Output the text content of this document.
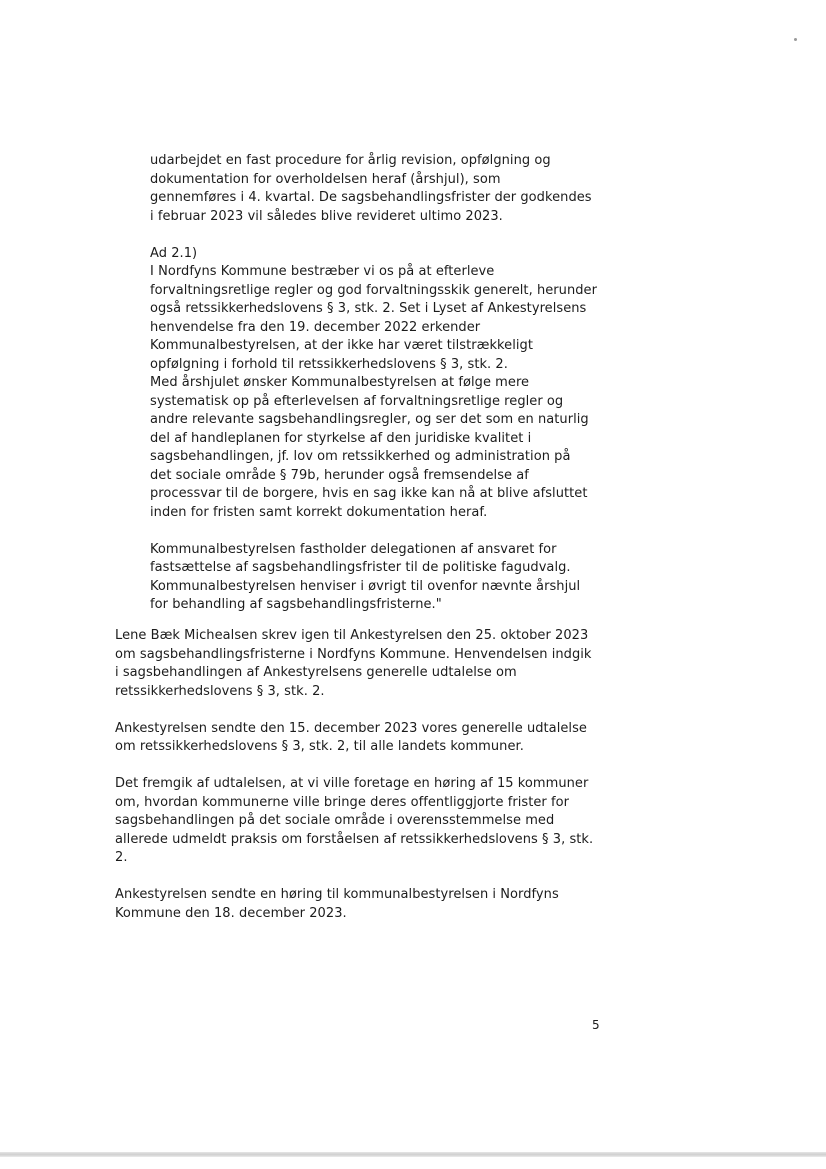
udarbejdet en fast procedure for årlig revision, opfølgning og
dokumentation for overholdelsen heraf (årshjul), som
gennemføres i 4. kvartal. De sagsbehandlingsfrister der godkendes
i februar 2023 vil således blive revideret ultimo 2023.

Ad 2.1)
I Nordfyns Kommune bestræber vi os på at efterleve
forvaltningsretlige regler og god forvaltningsskik generelt, herunder
også retssikkerhedslovens § 3, stk. 2. Set i Lyset af Ankestyrelsens
henvendelse fra den 19. december 2022 erkender
Kommunalbestyrelsen, at der ikke har været tilstrækkeligt
opfølgning i forhold til retssikkerhedslovens § 3, stk. 2.
Med årshjulet ønsker Kommunalbestyrelsen at følge mere
systematisk op på efterlevelsen af forvaltningsretlige regler og
andre relevante sagsbehandlingsregler, og ser det som en naturlig
del af handleplanen for styrkelse af den juridiske kvalitet i
sagsbehandlingen, jf. lov om retssikkerhed og administration på
det sociale område § 79b, herunder også fremsendelse af
processvar til de borgere, hvis en sag ikke kan nå at blive afsluttet
inden for fristen samt korrekt dokumentation heraf.

Kommunalbestyrelsen fastholder delegationen af ansvaret for
fastsættelse af sagsbehandlingsfrister til de politiske fagudvalg.
Kommunalbestyrelsen henviser i øvrigt til ovenfor nævnte årshjul
for behandling af sagsbehandlingsfristerne."

Lene Bæk Michealsen skrev igen til Ankestyrelsen den 25. oktober 2023
om sagsbehandlingsfristerne i Nordfyns Kommune. Henvendelsen indgik
i sagsbehandlingen af Ankestyrelsens generelle udtalelse om
retssikkerhedslovens § 3, stk. 2.

Ankestyrelsen sendte den 15. december 2023 vores generelle udtalelse
om retssikkerhedslovens § 3, stk. 2, til alle landets kommuner.

Det fremgik af udtalelsen, at vi ville foretage en høring af 15 kommuner
om, hvordan kommunerne ville bringe deres offentliggjorte frister for
sagsbehandlingen på det sociale område i overensstemmelse med
allerede udmeldt praksis om forståelsen af retssikkerhedslovens § 3, stk.
2.

Ankestyrelsen sendte en høring til kommunalbestyrelsen i Nordfyns
Kommune den 18. december 2023.

5
